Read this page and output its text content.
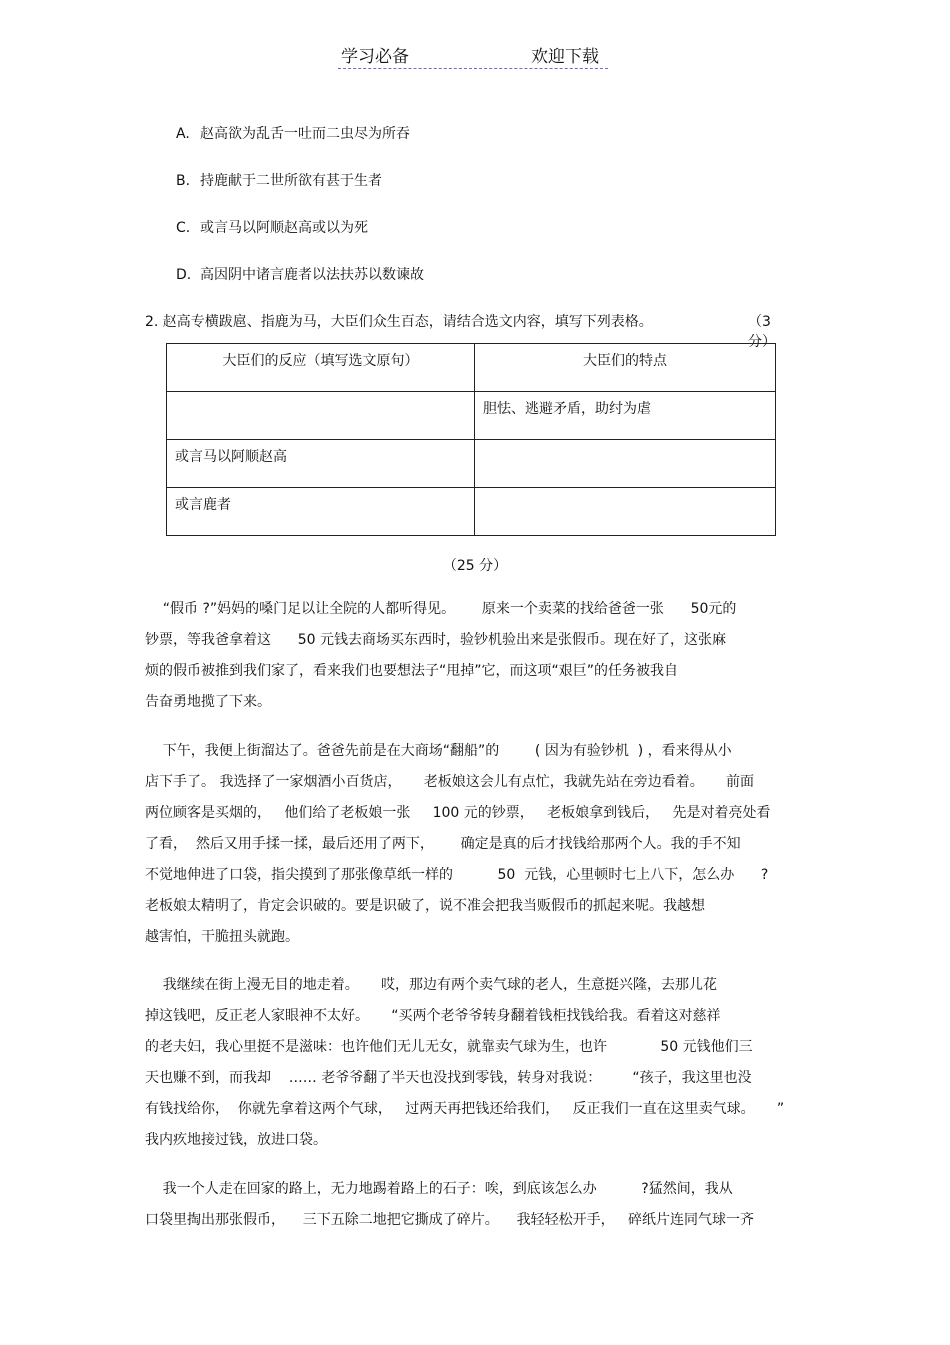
学习必备	欢迎下载
A. 赵高欲为乱舌一吐而二虫尽为所吞
B. 持鹿献于二世所欲有甚于生者
C. 或言马以阿顺赵高或以为死
D. 高因阴中诸言鹿者以法扶苏以数谏故
2. 赵高专横跋扈、指鹿为马，大臣们众生百态，请结合选文内容，填写下列表格。	（3 分）
大臣们的反应（填写选文原句）	大臣们的特点
	胆怯、逃避矛盾，助纣为虐
或言马以阿顺赵高	
或言鹿者	
（25 分）
“假币 ?”妈妈的嗓门足以让全院的人都听得见。      原来一个卖菜的找给爸爸一张      50元的
钞票，等我爸拿着这      50 元钱去商场买东西时，验钞机验出来是张假币。现在好了，这张麻
烦的假币被推到我们家了，看来我们也要想法子“甩掉”它，而这项“艰巨”的任务被我自
告奋勇地揽了下来。
下午，我便上街溜达了。爸爸先前是在大商场“翻船”的        ( 因为有验钞机  ) ，看来得从小
店下手了。 我选择了一家烟酒小百货店，     老板娘这会儿有点忙，我就先站在旁边看着。     前面
两位顾客是买烟的，   他们给了老板娘一张     100 元的钞票，   老板娘拿到钱后，   先是对着亮处看
了看，  然后又用手揉一揉，最后还用了两下，      确定是真的后才找钱给那两个人。我的手不知
不觉地伸进了口袋，指尖摸到了那张像草纸一样的          50  元钱，心里顿时七上八下，怎么办      ?
老板娘太精明了，肯定会识破的。要是识破了，说不准会把我当贩假币的抓起来呢。我越想
越害怕，干脆扭头就跑。
我继续在街上漫无目的地走着。     哎，那边有两个卖气球的老人，生意挺兴隆，去那儿花
掉这钱吧，反正老人家眼神不太好。     “买两个老爷爷转身翻着钱柜找钱给我。看着这对慈祥
的老夫妇，我心里挺不是滋味：也许他们无儿无女，就靠卖气球为生，也许            50 元钱他们三
天也赚不到，而我却    …… 老爷爷翻了半天也没找到零钱，转身对我说：       “孩子，我这里也没
有钱找给你，  你就先拿着这两个气球，   过两天再把钱还给我们，   反正我们一直在这里卖气球。     ”
我内疚地接过钱，放进口袋。
我一个人走在回家的路上，无力地踢着路上的石子：唉，到底该怎么办          ?猛然间，我从
口袋里掏出那张假币，    三下五除二地把它撕成了碎片。    我轻轻松开手，   碎纸片连同气球一齐
